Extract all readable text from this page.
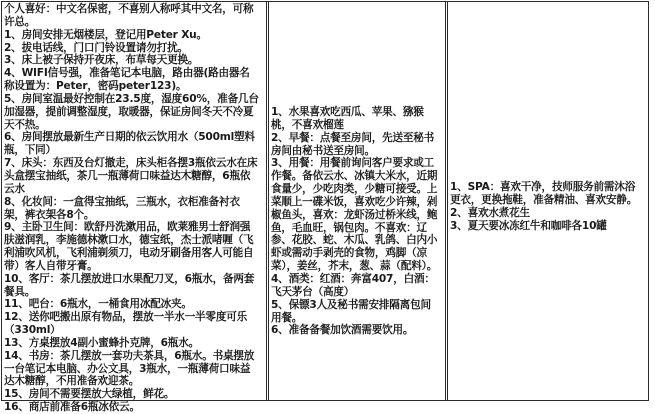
个人喜好：中文名保密，不喜别人称呼其中文名，可称许总。
1、房间安排无烟楼层，登记用Peter Xu。
2、拔电话线，门口门铃设置请勿打扰。
3、床上被子保持开夜床，布草每天更换。
4、WIFI信号强，准备笔记本电脑，路由器(路由器名称设置为：Peter，密码peter123)。
5、房间室温最好控制在23.5度，湿度60%，准备几台加湿器，提前调整湿度，取暖器，保证房间冬天不冷夏天不热。
6、房间摆放最新生产日期的依云饮用水（500ml塑料瓶，下同）
7、床头：东西及台灯撤走，床头柜各摆3瓶依云水在床头盒摆宝抽纸，茶几一瓶薄荷口味益达木糖醇，6瓶依云水
8、化妆间：一盒得宝抽纸，三瓶水，衣柜准备衬衣架，裤衣架各8个。
9、主卧卫生间：欧舒丹洗漱用品，欧莱雅男士舒润强肤滋润乳，李施德林漱口水，德宝纸，杰士派啫喱（飞利浦吹风机，飞利浦剃须刀，电动牙刷备用客人可能自带）客人自带牙膏。
10、客厅：茶几摆放进口水果配刀叉，6瓶水，备两套餐具。
11、吧台：6瓶水，一桶食用冰配冰夹。
12、送你吧搬出原有物品，摆放一半水一半零度可乐（330ml）
13、方桌摆放4副小蜜蜂扑克牌，6瓶水。
14、书房：茶几摆放一套功夫茶具，6瓶水。书桌摆放一台笔记本电脑、办公文具，3瓶水，一瓶薄荷口味益达木糖醇，不用准备欢迎茶。
15、房间不需要摆放大绿植，鲜花。
16、商店前准备6瓶冰依云。
1、水果喜欢吃西瓜、苹果、猕猴桃，不喜欢榴莲
2、早餐：点餐至房间，先送至秘书房间由秘书送至房间。
3、用餐：用餐前询问客户要求或工作餐。备依云水、冰镇大米水，近期食量少，少吃肉类，少糖可接受。上菜顺上一碟米饭，喜欢吃少许辣，剁椒鱼头，喜欢：龙虾汤过桥米线，鲍鱼，毛血旺，锅包肉。不喜欢：辽参、花胶、蛇、木瓜、乳鸽、白内小虾或需动手剥壳的食物，鸡脚（凉菜），姜丝，芥末，葱、蒜（配料）。4、酒类：红酒：奔富407，白酒：飞天茅台（高度）
5、保镖3人及秘书需安排隔离包间用餐。
6、准备备餐加饮酒需要饮用。
1、SPA：喜欢干净，技师服务前需沐浴更衣，更换拖鞋，准备精油、喜欢安静。
2、喜欢水煮花生
3、夏天要冰冻红牛和咖啡各10罐
